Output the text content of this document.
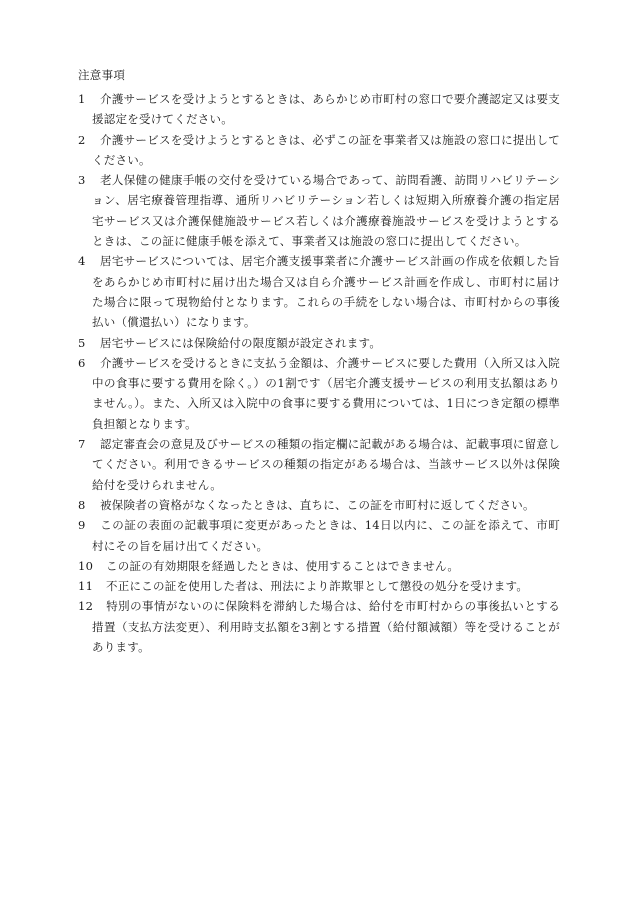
注意事項
1 介護サービスを受けようとするときは、あらかじめ市町村の窓口で要介護認定又は要支援認定を受けてください。
2 介護サービスを受けようとするときは、必ずこの証を事業者又は施設の窓口に提出してください。
3 老人保健の健康手帳の交付を受けている場合であって、訪問看護、訪問リハビリテーション、居宅療養管理指導、通所リハビリテーション若しくは短期入所療養介護の指定居宅サービス又は介護保健施設サービス若しくは介護療養施設サービスを受けようとするときは、この証に健康手帳を添えて、事業者又は施設の窓口に提出してください。
4 居宅サービスについては、居宅介護支援事業者に介護サービス計画の作成を依頼した旨をあらかじめ市町村に届け出た場合又は自ら介護サービス計画を作成し、市町村に届けた場合に限って現物給付となります。これらの手続をしない場合は、市町村からの事後払い（償還払い）になります。
5 居宅サービスには保険給付の限度額が設定されます。
6 介護サービスを受けるときに支払う金額は、介護サービスに要した費用（入所又は入院中の食事に要する費用を除く。）の1割です（居宅介護支援サービスの利用支払額はありません。）。また、入所又は入院中の食事に要する費用については、1日につき定額の標準負担額となります。
7 認定審査会の意見及びサービスの種類の指定欄に記載がある場合は、記載事項に留意してください。利用できるサービスの種類の指定がある場合は、当該サービス以外は保険給付を受けられません。
8 被保険者の資格がなくなったときは、直ちに、この証を市町村に返してください。
9 この証の表面の記載事項に変更があったときは、14日以内に、この証を添えて、市町村にその旨を届け出てください。
10 この証の有効期限を経過したときは、使用することはできません。
11 不正にこの証を使用した者は、刑法により詐欺罪として懲役の処分を受けます。
12 特別の事情がないのに保険料を滞納した場合は、給付を市町村からの事後払いとする措置（支払方法変更）、利用時支払額を3割とする措置（給付額減額）等を受けることがあります。
